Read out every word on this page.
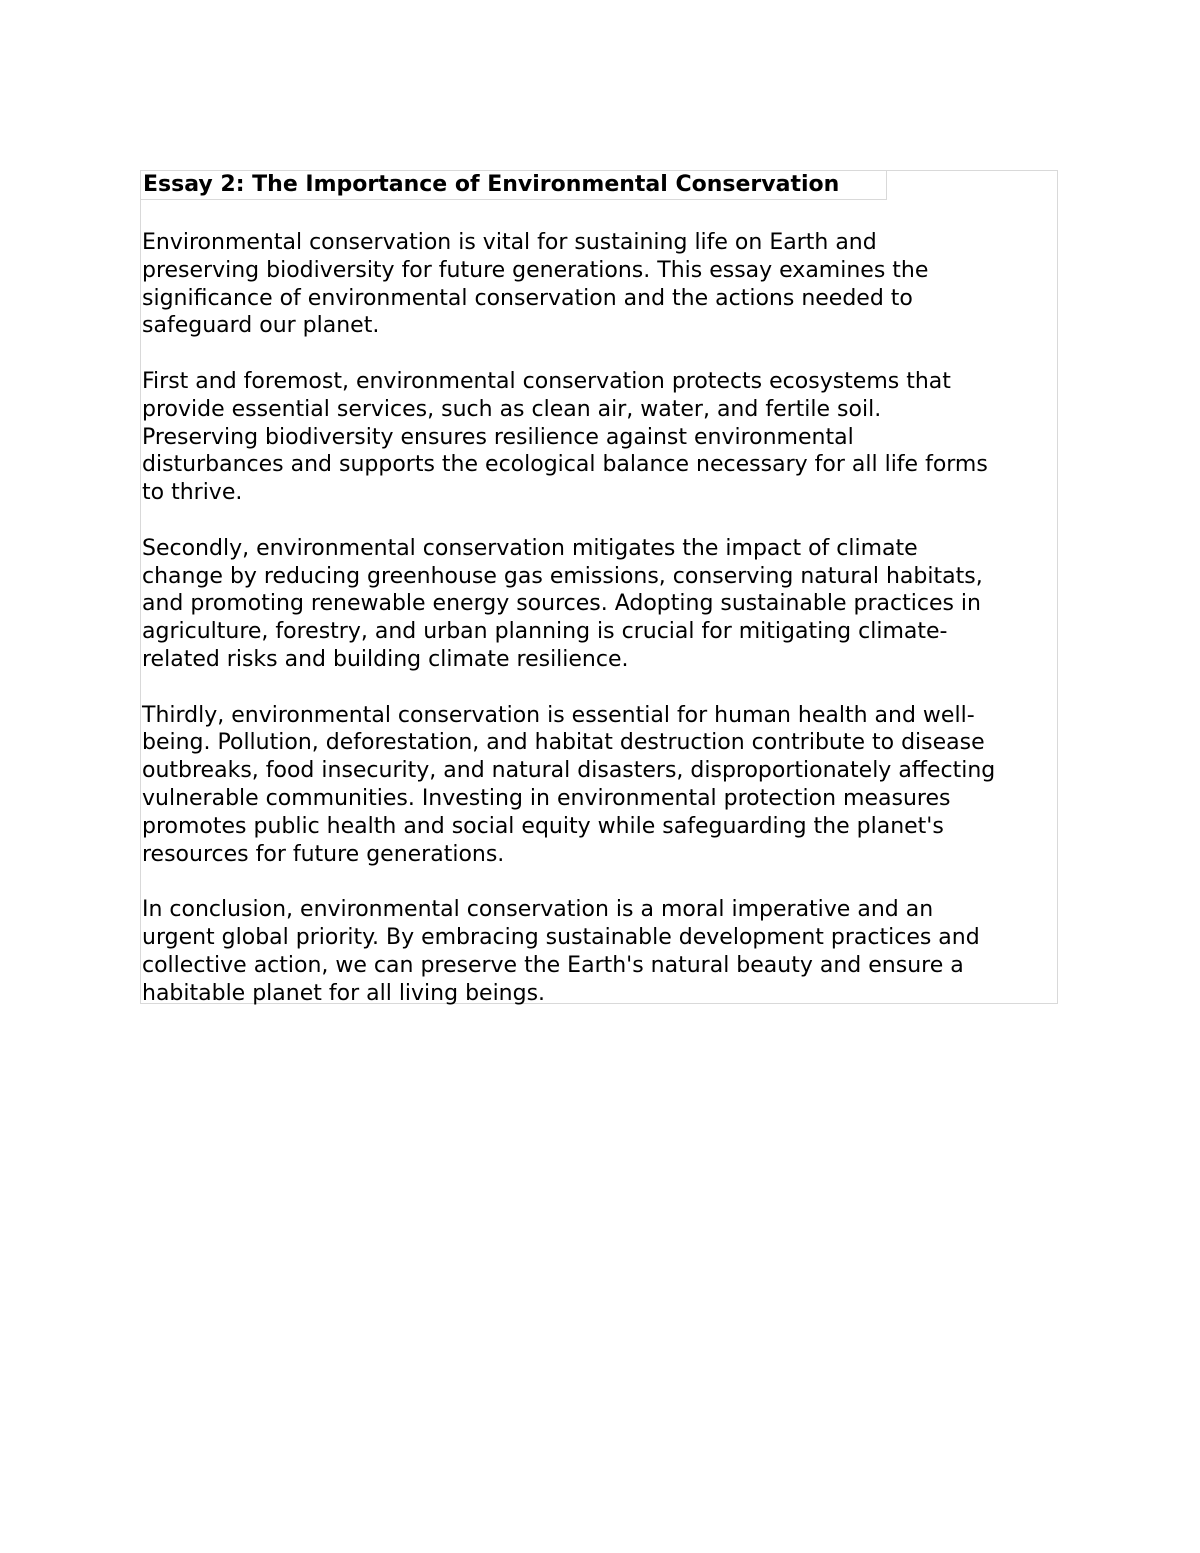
Essay 2: The Importance of Environmental Conservation

Environmental conservation is vital for sustaining life on Earth and
preserving biodiversity for future generations. This essay examines the
significance of environmental conservation and the actions needed to
safeguard our planet.

First and foremost, environmental conservation protects ecosystems that
provide essential services, such as clean air, water, and fertile soil.
Preserving biodiversity ensures resilience against environmental
disturbances and supports the ecological balance necessary for all life forms
to thrive.

Secondly, environmental conservation mitigates the impact of climate
change by reducing greenhouse gas emissions, conserving natural habitats,
and promoting renewable energy sources. Adopting sustainable practices in
agriculture, forestry, and urban planning is crucial for mitigating climate-
related risks and building climate resilience.

Thirdly, environmental conservation is essential for human health and well-
being. Pollution, deforestation, and habitat destruction contribute to disease
outbreaks, food insecurity, and natural disasters, disproportionately affecting
vulnerable communities. Investing in environmental protection measures
promotes public health and social equity while safeguarding the planet's
resources for future generations.

In conclusion, environmental conservation is a moral imperative and an
urgent global priority. By embracing sustainable development practices and
collective action, we can preserve the Earth's natural beauty and ensure a
habitable planet for all living beings.
